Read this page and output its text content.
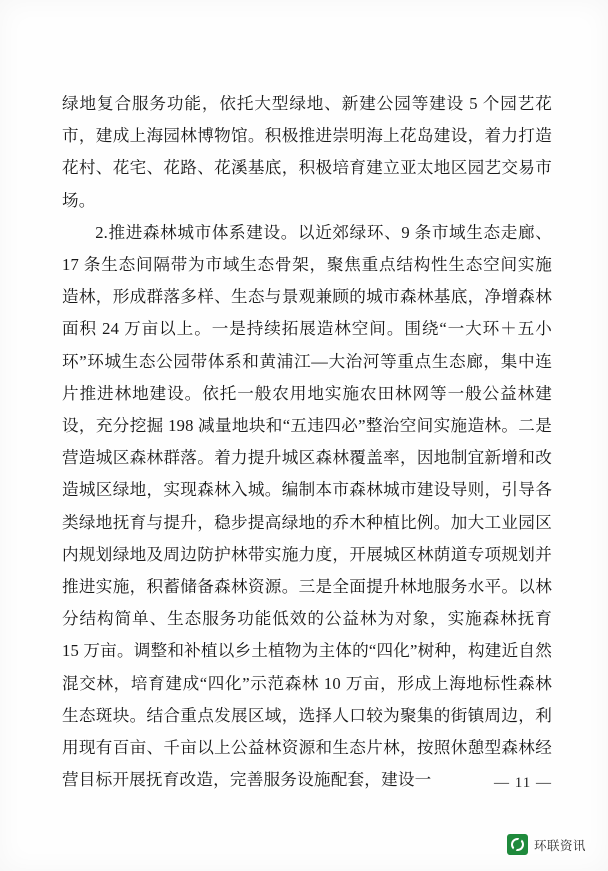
绿地复合服务功能，依托大型绿地、新建公园等建设 5 个园艺花市，建成上海园林博物馆。积极推进崇明海上花岛建设，着力打造花村、花宅、花路、花溪基底，积极培育建立亚太地区园艺交易市场。

2.推进森林城市体系建设。以近郊绿环、9 条市域生态走廊、17 条生态间隔带为市域生态骨架，聚焦重点结构性生态空间实施造林，形成群落多样、生态与景观兼顾的城市森林基底，净增森林面积 24 万亩以上。一是持续拓展造林空间。围绕“一大环＋五小环”环城生态公园带体系和黄浦江—大治河等重点生态廊，集中连片推进林地建设。依托一般农用地实施农田林网等一般公益林建设，充分挖掘 198 减量地块和“五违四必”整治空间实施造林。二是营造城区森林群落。着力提升城区森林覆盖率，因地制宜新增和改造城区绿地，实现森林入城。编制本市森林城市建设导则，引导各类绿地抚育与提升，稳步提高绿地的乔木种植比例。加大工业园区内规划绿地及周边防护林带实施力度，开展城区林荫道专项规划并推进实施，积蓄储备森林资源。三是全面提升林地服务水平。以林分结构简单、生态服务功能低效的公益林为对象，实施森林抚育 15 万亩。调整和补植以乡土植物为主体的“四化”树种，构建近自然混交林，培育建成“四化”示范森林 10 万亩，形成上海地标性森林生态斑块。结合重点发展区域，选择人口较为聚集的街镇周边，利用现有百亩、千亩以上公益林资源和生态片林，按照休憩型森林经营目标开展抚育改造，完善服务设施配套，建设一	— 11 —
环联资讯
